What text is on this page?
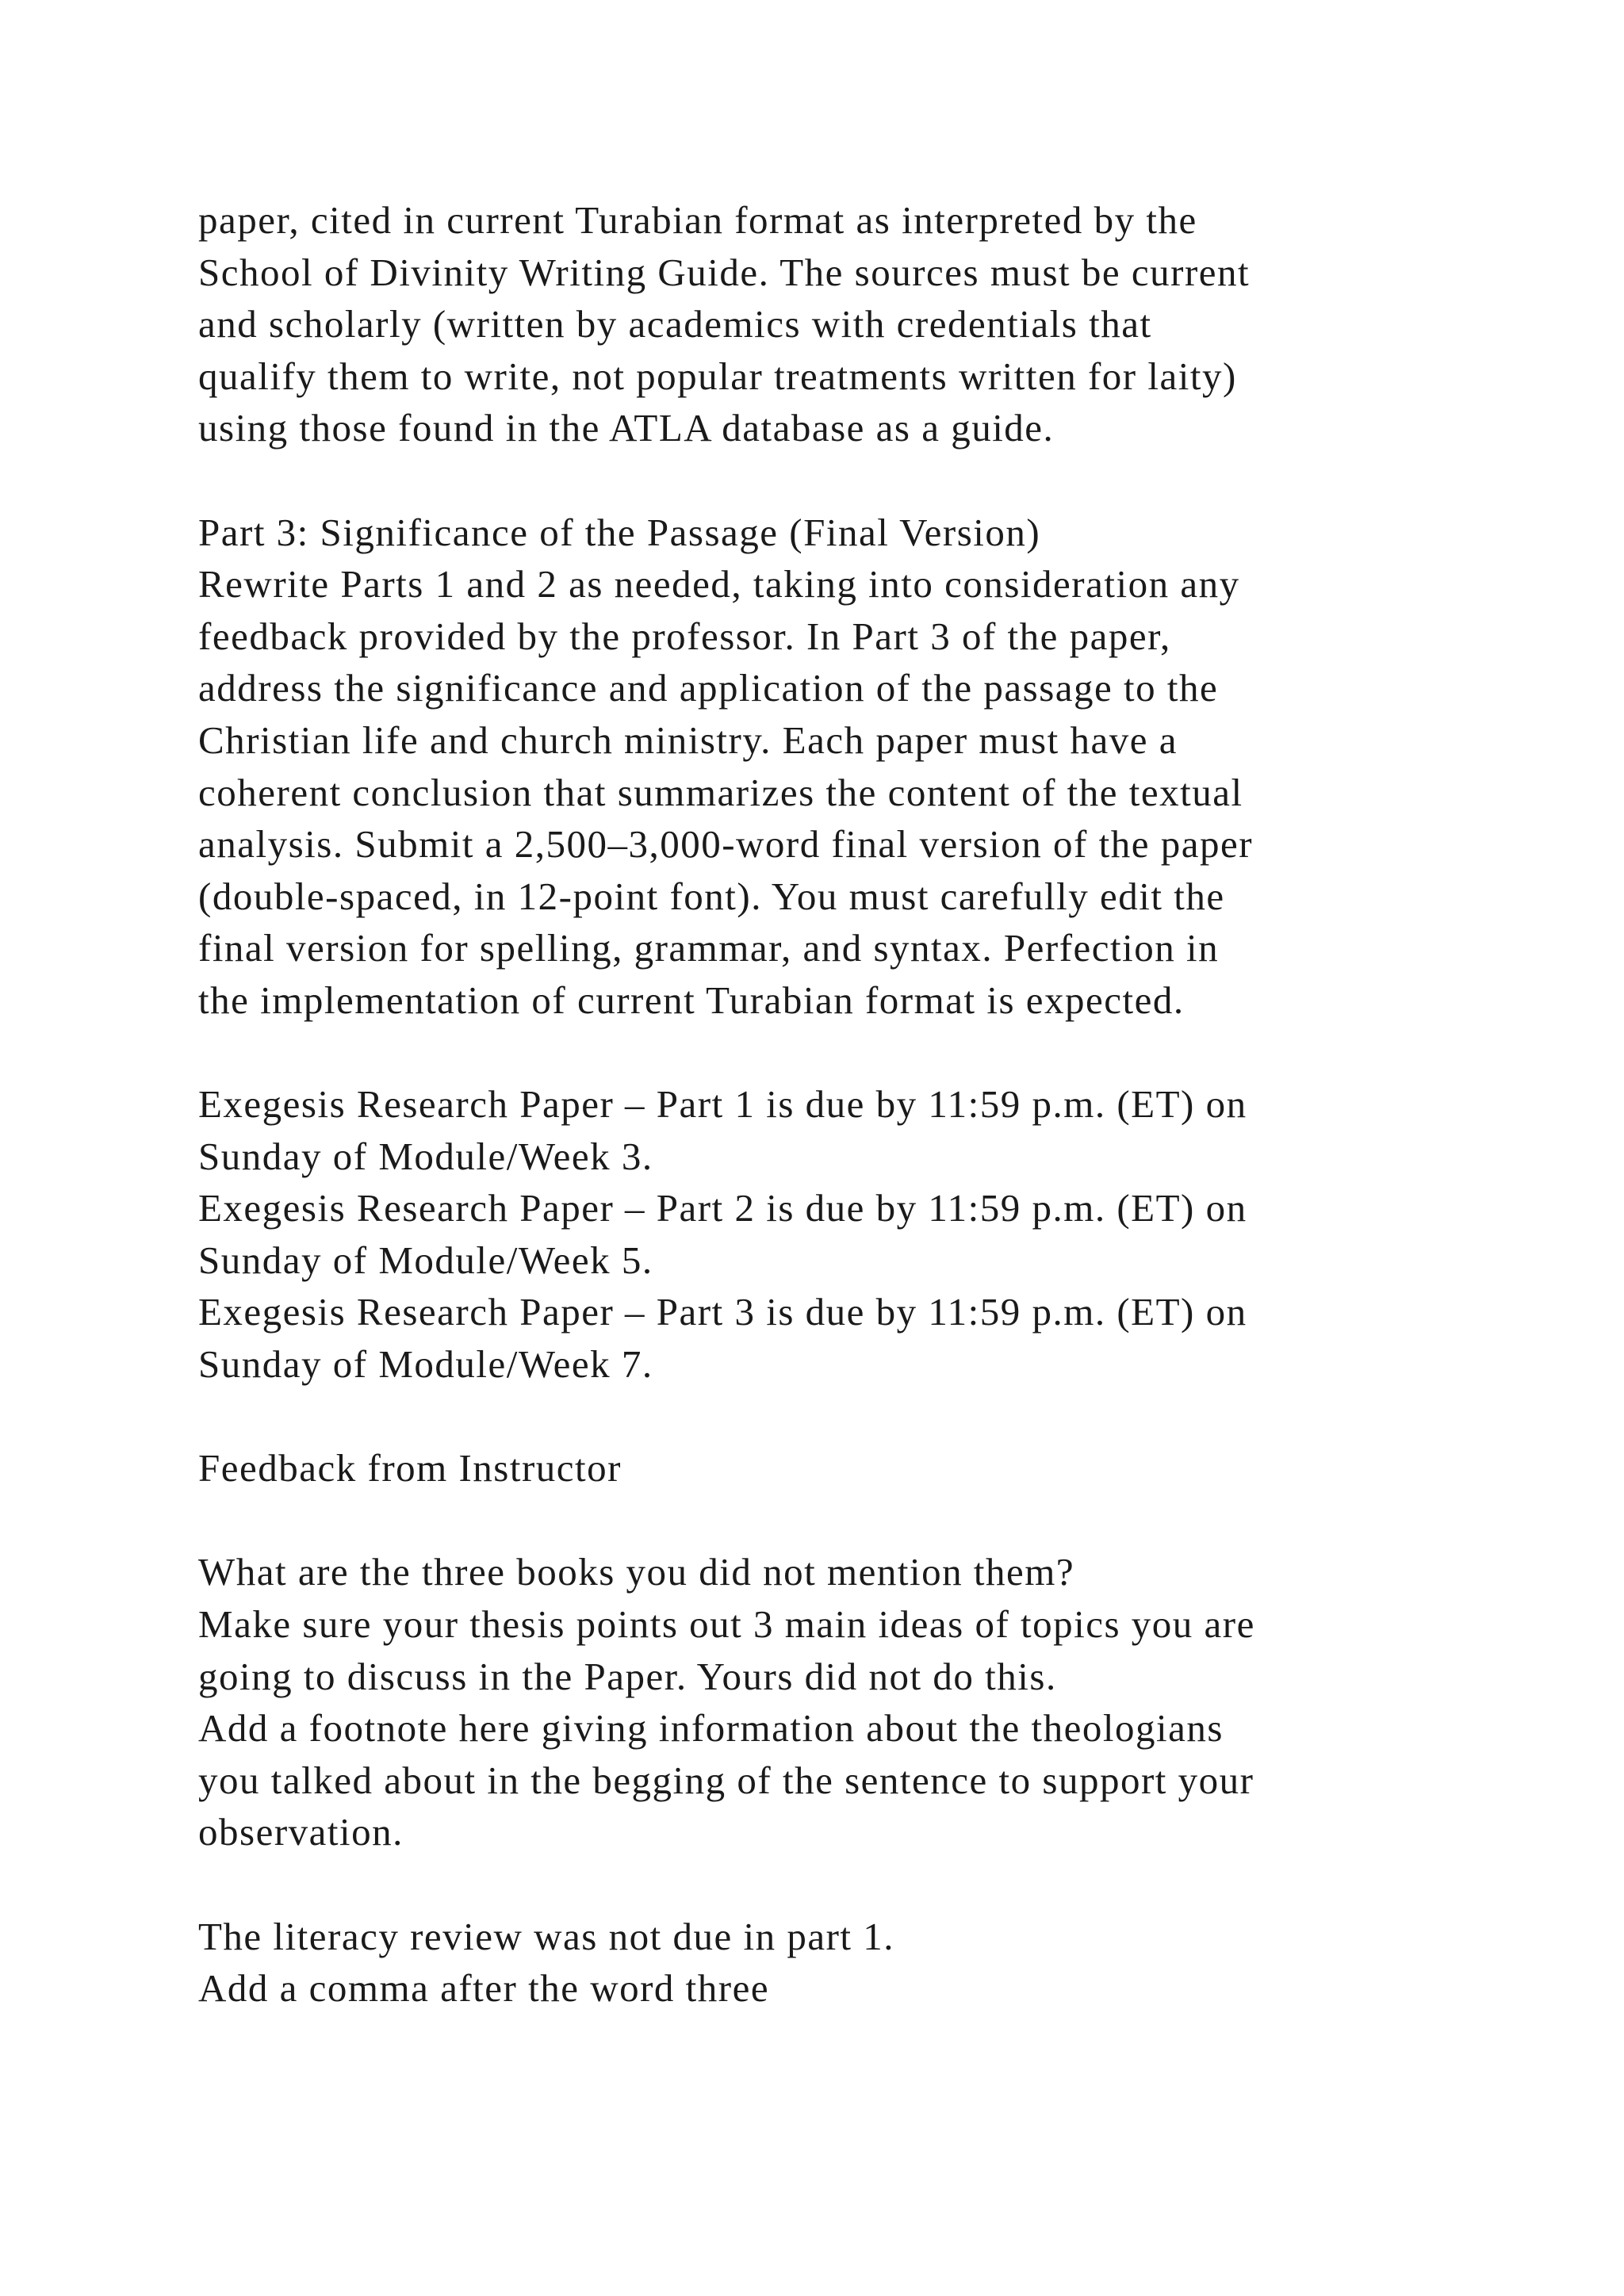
paper, cited in current Turabian format as interpreted by the
School of Divinity Writing Guide. The sources must be current
and scholarly (written by academics with credentials that
qualify them to write, not popular treatments written for laity)
using those found in the ATLA database as a guide.
Part 3: Significance of the Passage (Final Version)
Rewrite Parts 1 and 2 as needed, taking into consideration any
feedback provided by the professor. In Part 3 of the paper,
address the significance and application of the passage to the
Christian life and church ministry. Each paper must have a
coherent conclusion that summarizes the content of the textual
analysis. Submit a 2,500–3,000-word final version of the paper
(double-spaced, in 12-point font). You must carefully edit the
final version for spelling, grammar, and syntax. Perfection in
the implementation of current Turabian format is expected.
Exegesis Research Paper – Part 1 is due by 11:59 p.m. (ET) on
Sunday of Module/Week 3.
Exegesis Research Paper – Part 2 is due by 11:59 p.m. (ET) on
Sunday of Module/Week 5.
Exegesis Research Paper – Part 3 is due by 11:59 p.m. (ET) on
Sunday of Module/Week 7.
Feedback from Instructor
What are the three books you did not mention them?
Make sure your thesis points out 3 main ideas of topics you are
going to discuss in the Paper. Yours did not do this.
Add a footnote here giving information about the theologians
you talked about in the begging of the sentence to support your
observation.
The literacy review was not due in part 1.
Add a comma after the word three
